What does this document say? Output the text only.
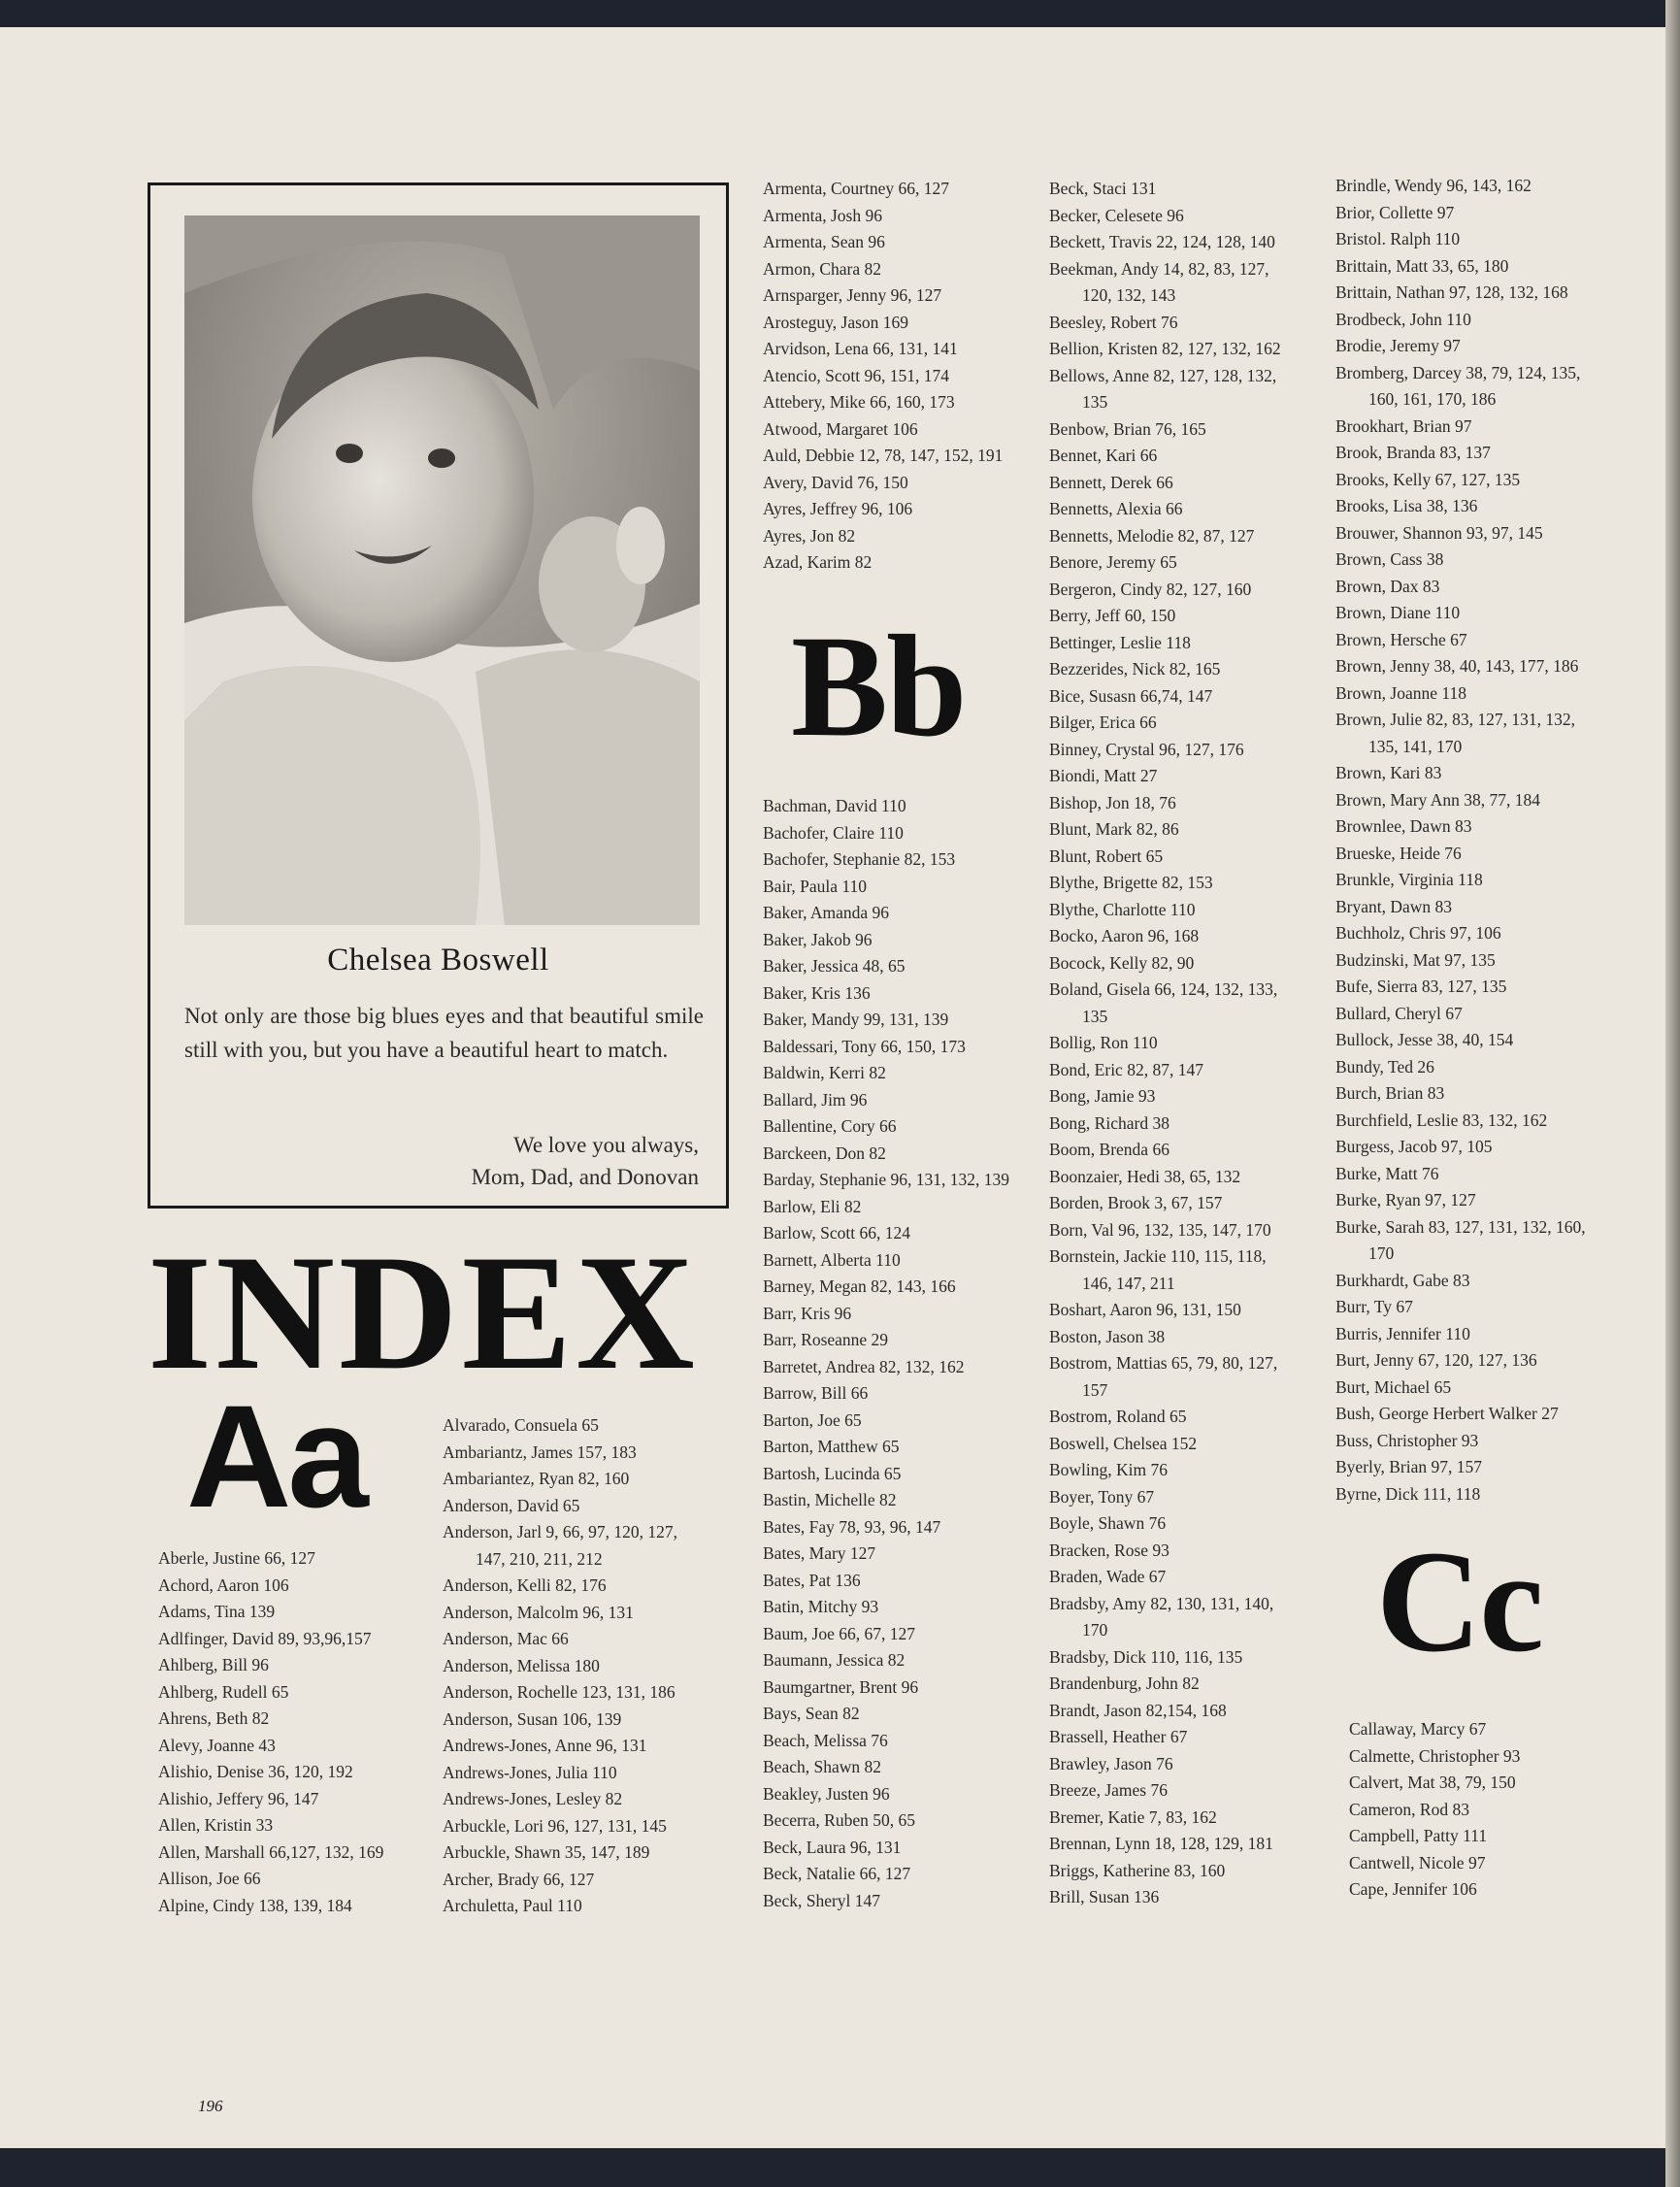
Chelsea Boswell
Not only are those big blues eyes and that beautiful smile still with you, but you have a beautiful heart to match.
We love you always,
Mom, Dad, and Donovan
INDEX
Aa
Bb
Cc
Aberle, Justine 66, 127
Achord, Aaron 106
Adams, Tina 139
Adlfinger, David 89, 93,96,157
Ahlberg, Bill 96
Ahlberg, Rudell 65
Ahrens, Beth 82
Alevy, Joanne 43
Alishio, Denise 36, 120, 192
Alishio, Jeffery 96, 147
Allen, Kristin 33
Allen, Marshall 66,127, 132, 169
Allison, Joe 66
Alpine, Cindy 138, 139, 184
Alvarado, Consuela 65
Ambariantz, James 157, 183
Ambariantez, Ryan 82, 160
Anderson, David 65
Anderson, Jarl 9, 66, 97, 120, 127,
147, 210, 211, 212
Anderson, Kelli 82, 176
Anderson, Malcolm 96, 131
Anderson, Mac 66
Anderson, Melissa 180
Anderson, Rochelle 123, 131, 186
Anderson, Susan 106, 139
Andrews-Jones, Anne 96, 131
Andrews-Jones, Julia 110
Andrews-Jones, Lesley 82
Arbuckle, Lori 96, 127, 131, 145
Arbuckle, Shawn 35, 147, 189
Archer, Brady 66, 127
Archuletta, Paul 110
Armenta, Courtney 66, 127
Armenta, Josh 96
Armenta, Sean 96
Armon, Chara 82
Arnsparger, Jenny 96, 127
Arosteguy, Jason 169
Arvidson, Lena 66, 131, 141
Atencio, Scott 96, 151, 174
Attebery, Mike 66, 160, 173
Atwood, Margaret 106
Auld, Debbie 12, 78, 147, 152, 191
Avery, David 76, 150
Ayres, Jeffrey 96, 106
Ayres, Jon 82
Azad, Karim 82
Bachman, David 110
Bachofer, Claire 110
Bachofer, Stephanie 82, 153
Bair, Paula 110
Baker, Amanda 96
Baker, Jakob 96
Baker, Jessica 48, 65
Baker, Kris 136
Baker, Mandy 99, 131, 139
Baldessari, Tony 66, 150, 173
Baldwin, Kerri 82
Ballard, Jim 96
Ballentine, Cory 66
Barckeen, Don 82
Barday, Stephanie 96, 131, 132, 139
Barlow, Eli 82
Barlow, Scott 66, 124
Barnett, Alberta 110
Barney, Megan 82, 143, 166
Barr, Kris 96
Barr, Roseanne 29
Barretet, Andrea 82, 132, 162
Barrow, Bill 66
Barton, Joe 65
Barton, Matthew 65
Bartosh, Lucinda 65
Bastin, Michelle 82
Bates, Fay 78, 93, 96, 147
Bates, Mary 127
Bates, Pat 136
Batin, Mitchy 93
Baum, Joe 66, 67, 127
Baumann, Jessica 82
Baumgartner, Brent 96
Bays, Sean 82
Beach, Melissa 76
Beach, Shawn 82
Beakley, Justen 96
Becerra, Ruben 50, 65
Beck, Laura 96, 131
Beck, Natalie 66, 127
Beck, Sheryl 147
Beck, Staci 131
Becker, Celesete 96
Beckett, Travis 22, 124, 128, 140
Beekman, Andy 14, 82, 83, 127,
120, 132, 143
Beesley, Robert 76
Bellion, Kristen 82, 127, 132, 162
Bellows, Anne 82, 127, 128, 132,
135
Benbow, Brian 76, 165
Bennet, Kari 66
Bennett, Derek 66
Bennetts, Alexia 66
Bennetts, Melodie 82, 87, 127
Benore, Jeremy 65
Bergeron, Cindy 82, 127, 160
Berry, Jeff 60, 150
Bettinger, Leslie 118
Bezzerides, Nick 82, 165
Bice, Susasn 66,74, 147
Bilger, Erica 66
Binney, Crystal 96, 127, 176
Biondi, Matt 27
Bishop, Jon 18, 76
Blunt, Mark 82, 86
Blunt, Robert 65
Blythe, Brigette 82, 153
Blythe, Charlotte 110
Bocko, Aaron 96, 168
Bocock, Kelly 82, 90
Boland, Gisela 66, 124, 132, 133,
135
Bollig, Ron 110
Bond, Eric 82, 87, 147
Bong, Jamie 93
Bong, Richard 38
Boom, Brenda 66
Boonzaier, Hedi 38, 65, 132
Borden, Brook 3, 67, 157
Born, Val 96, 132, 135, 147, 170
Bornstein, Jackie 110, 115, 118,
146, 147, 211
Boshart, Aaron 96, 131, 150
Boston, Jason 38
Bostrom, Mattias 65, 79, 80, 127,
157
Bostrom, Roland 65
Boswell, Chelsea 152
Bowling, Kim 76
Boyer, Tony 67
Boyle, Shawn 76
Bracken, Rose 93
Braden, Wade 67
Bradsby, Amy 82, 130, 131, 140,
170
Bradsby, Dick 110, 116, 135
Brandenburg, John 82
Brandt, Jason 82,154, 168
Brassell, Heather 67
Brawley, Jason 76
Breeze, James 76
Bremer, Katie 7, 83, 162
Brennan, Lynn 18, 128, 129, 181
Briggs, Katherine 83, 160
Brill, Susan 136
Brindle, Wendy 96, 143, 162
Brior, Collette 97
Bristol. Ralph 110
Brittain, Matt 33, 65, 180
Brittain, Nathan 97, 128, 132, 168
Brodbeck, John 110
Brodie, Jeremy 97
Bromberg, Darcey 38, 79, 124, 135,
160, 161, 170, 186
Brookhart, Brian 97
Brook, Branda 83, 137
Brooks, Kelly 67, 127, 135
Brooks, Lisa 38, 136
Brouwer, Shannon 93, 97, 145
Brown, Cass 38
Brown, Dax 83
Brown, Diane 110
Brown, Hersche 67
Brown, Jenny 38, 40, 143, 177, 186
Brown, Joanne 118
Brown, Julie 82, 83, 127, 131, 132,
135, 141, 170
Brown, Kari 83
Brown, Mary Ann 38, 77, 184
Brownlee, Dawn 83
Brueske, Heide 76
Brunkle, Virginia 118
Bryant, Dawn 83
Buchholz, Chris 97, 106
Budzinski, Mat 97, 135
Bufe, Sierra 83, 127, 135
Bullard, Cheryl 67
Bullock, Jesse 38, 40, 154
Bundy, Ted 26
Burch, Brian 83
Burchfield, Leslie 83, 132, 162
Burgess, Jacob 97, 105
Burke, Matt 76
Burke, Ryan 97, 127
Burke, Sarah 83, 127, 131, 132, 160,
170
Burkhardt, Gabe 83
Burr, Ty 67
Burris, Jennifer 110
Burt, Jenny 67, 120, 127, 136
Burt, Michael 65
Bush, George Herbert Walker 27
Buss, Christopher 93
Byerly, Brian 97, 157
Byrne, Dick 111, 118
Callaway, Marcy 67
Calmette, Christopher 93
Calvert, Mat 38, 79, 150
Cameron, Rod 83
Campbell, Patty 111
Cantwell, Nicole 97
Cape, Jennifer 106
196
